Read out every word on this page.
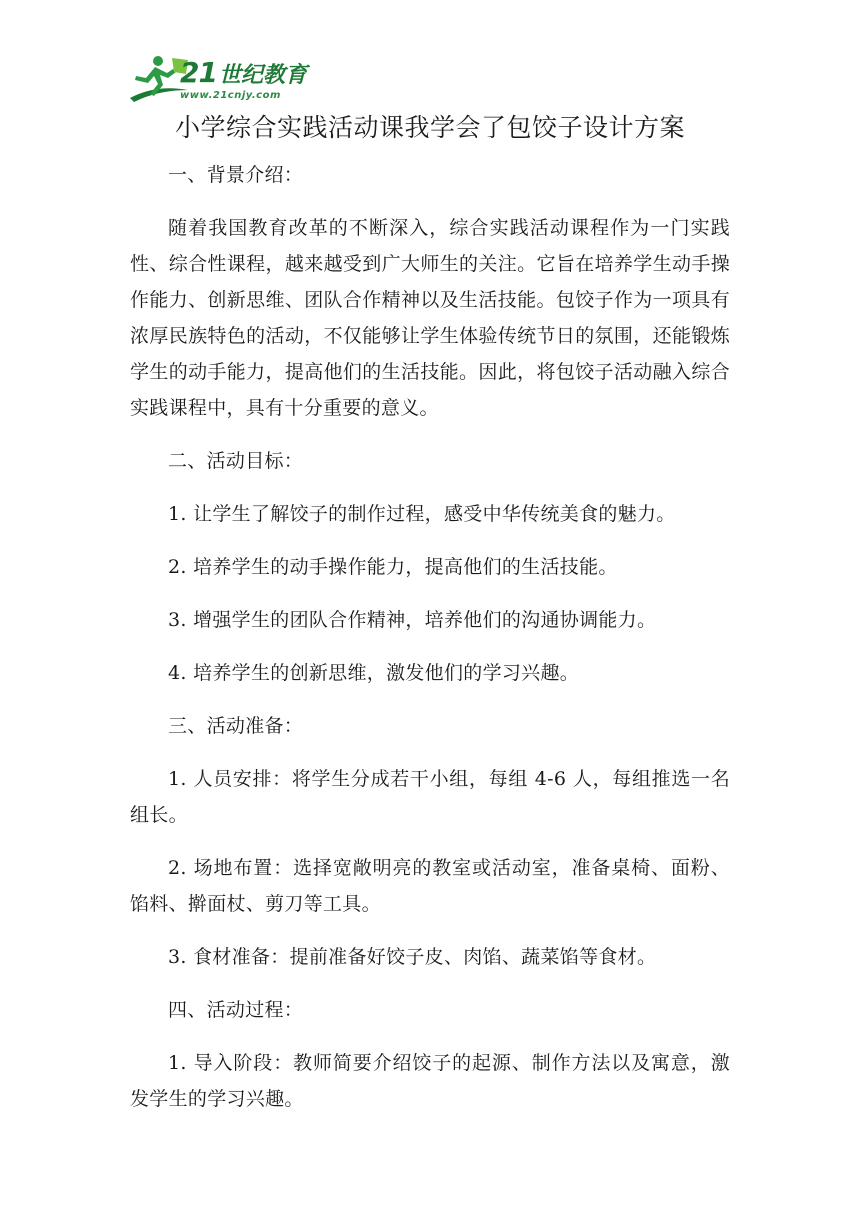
21 世纪教育
www.21cnjy.com
小学综合实践活动课我学会了包饺子设计方案

一、背景介绍：

随着我国教育改革的不断深入，综合实践活动课程作为一门实践性、综合性课程，越来越受到广大师生的关注。它旨在培养学生动手操作能力、创新思维、团队合作精神以及生活技能。包饺子作为一项具有浓厚民族特色的活动，不仅能够让学生体验传统节日的氛围，还能锻炼学生的动手能力，提高他们的生活技能。因此，将包饺子活动融入综合实践课程中，具有十分重要的意义。

二、活动目标：

1. 让学生了解饺子的制作过程，感受中华传统美食的魅力。

2. 培养学生的动手操作能力，提高他们的生活技能。

3. 增强学生的团队合作精神，培养他们的沟通协调能力。

4. 培养学生的创新思维，激发他们的学习兴趣。

三、活动准备：

1. 人员安排：将学生分成若干小组，每组 4-6 人，每组推选一名组长。

2. 场地布置：选择宽敞明亮的教室或活动室，准备桌椅、面粉、馅料、擀面杖、剪刀等工具。

3. 食材准备：提前准备好饺子皮、肉馅、蔬菜馅等食材。

四、活动过程：

1. 导入阶段：教师简要介绍饺子的起源、制作方法以及寓意，激发学生的学习兴趣。
